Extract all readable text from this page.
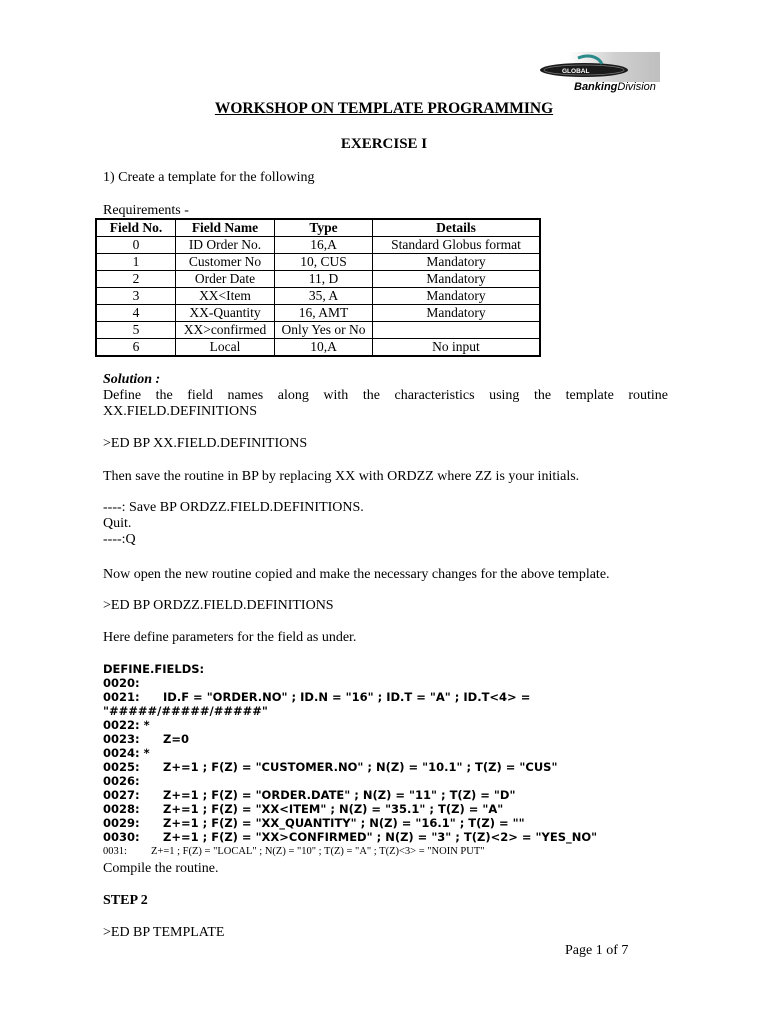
GLOBAL
BankingDivision
WORKSHOP ON TEMPLATE PROGRAMMING
EXERCISE I
1) Create a template for the following
Requirements -
Field No.	Field Name	Type	Details
0	ID Order No.	16,A	Standard Globus format
1	Customer No	10, CUS	Mandatory
2	Order Date	11, D	Mandatory
3	XX<Item	35, A	Mandatory
4	XX-Quantity	16, AMT	Mandatory
5	XX>confirmed	Only Yes or No	
6	Local	10,A	No input
Solution :
Define the field names along with the characteristics using the template routine
XX.FIELD.DEFINITIONS
>ED BP XX.FIELD.DEFINITIONS
Then save the routine in BP by replacing XX with ORDZZ where ZZ is your initials.
----: Save BP ORDZZ.FIELD.DEFINITIONS.
Quit.
----:Q
Now open the new routine copied and make the necessary changes for the above template.
>ED BP ORDZZ.FIELD.DEFINITIONS
Here define parameters for the field as under.
DEFINE.FIELDS:
0020:
0021: ID.F = "ORDER.NO" ; ID.N = "16" ; ID.T = "A" ; ID.T<4> =
"#####/#####/#####"
0022: *
0023: Z=0
0024: *
0025: Z+=1 ; F(Z) = "CUSTOMER.NO" ; N(Z) = "10.1" ; T(Z) = "CUS"
0026:
0027: Z+=1 ; F(Z) = "ORDER.DATE" ; N(Z) = "11" ; T(Z) = "D"
0028: Z+=1 ; F(Z) = "XX<ITEM" ; N(Z) = "35.1" ; T(Z) = "A"
0029: Z+=1 ; F(Z) = "XX_QUANTITY" ; N(Z) = "16.1" ; T(Z) = ""
0030: Z+=1 ; F(Z) = "XX>CONFIRMED" ; N(Z) = "3" ; T(Z)<2> = "YES_NO"
0031: Z+=1 ; F(Z) = "LOCAL" ; N(Z) = "10" ; T(Z) = "A" ; T(Z)<3> = "NOIN PUT"
Compile the routine.
STEP 2
>ED BP TEMPLATE
Page 1 of 7
